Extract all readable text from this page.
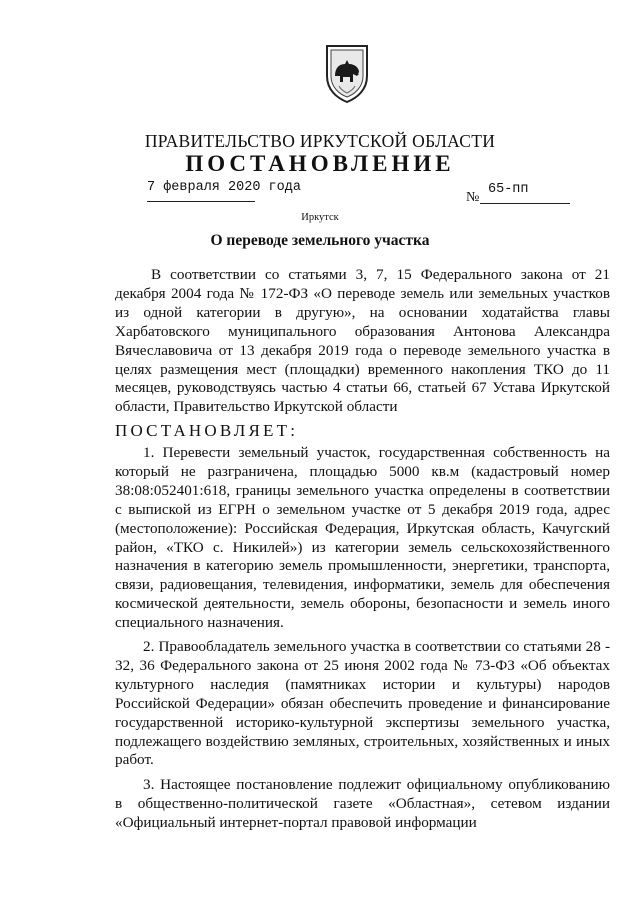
ПРАВИТЕЛЬСТВО ИРКУТСКОЙ ОБЛАСТИ
ПОСТАНОВЛЕНИЕ
7 февраля 2020 года
№
65-пп
Иркутск
О переводе земельного участка

В соответствии со статьями 3, 7, 15 Федерального закона от 21 декабря 2004 года № 172-ФЗ «О переводе земель или земельных участков из одной категории в другую», на основании ходатайства главы Харбатовского муниципального образования Антонова Александра Вячеславовича от 13 декабря 2019 года о переводе земельного участка в целях размещения мест (площадки) временного накопления ТКО до 11 месяцев, руководствуясь частью 4 статьи 66, статьей 67 Устава Иркутской области, Правительство Иркутской области

ПОСТАНОВЛЯЕТ:

1. Перевести земельный участок, государственная собственность на который не разграничена, площадью 5000 кв.м (кадастровый номер 38:08:052401:618, границы земельного участка определены в соответствии с выпиской из ЕГРН о земельном участке от 5 декабря 2019 года, адрес (местоположение): Российская Федерация, Иркутская область, Качугский район, «ТКО с. Никилей») из категории земель сельскохозяйственного назначения в категорию земель промышленности, энергетики, транспорта, связи, радиовещания, телевидения, информатики, земель для обеспечения космической деятельности, земель обороны, безопасности и земель иного специального назначения.

2. Правообладатель земельного участка в соответствии со статьями 28 - 32, 36 Федерального закона от 25 июня 2002 года № 73-ФЗ «Об объектах культурного наследия (памятниках истории и культуры) народов Российской Федерации» обязан обеспечить проведение и финансирование государственной историко-культурной экспертизы земельного участка, подлежащего воздействию земляных, строительных, хозяйственных и иных работ.

3. Настоящее постановление подлежит официальному опубликованию в общественно-политической газете «Областная», сетевом издании «Официальный интернет-портал правовой информации
